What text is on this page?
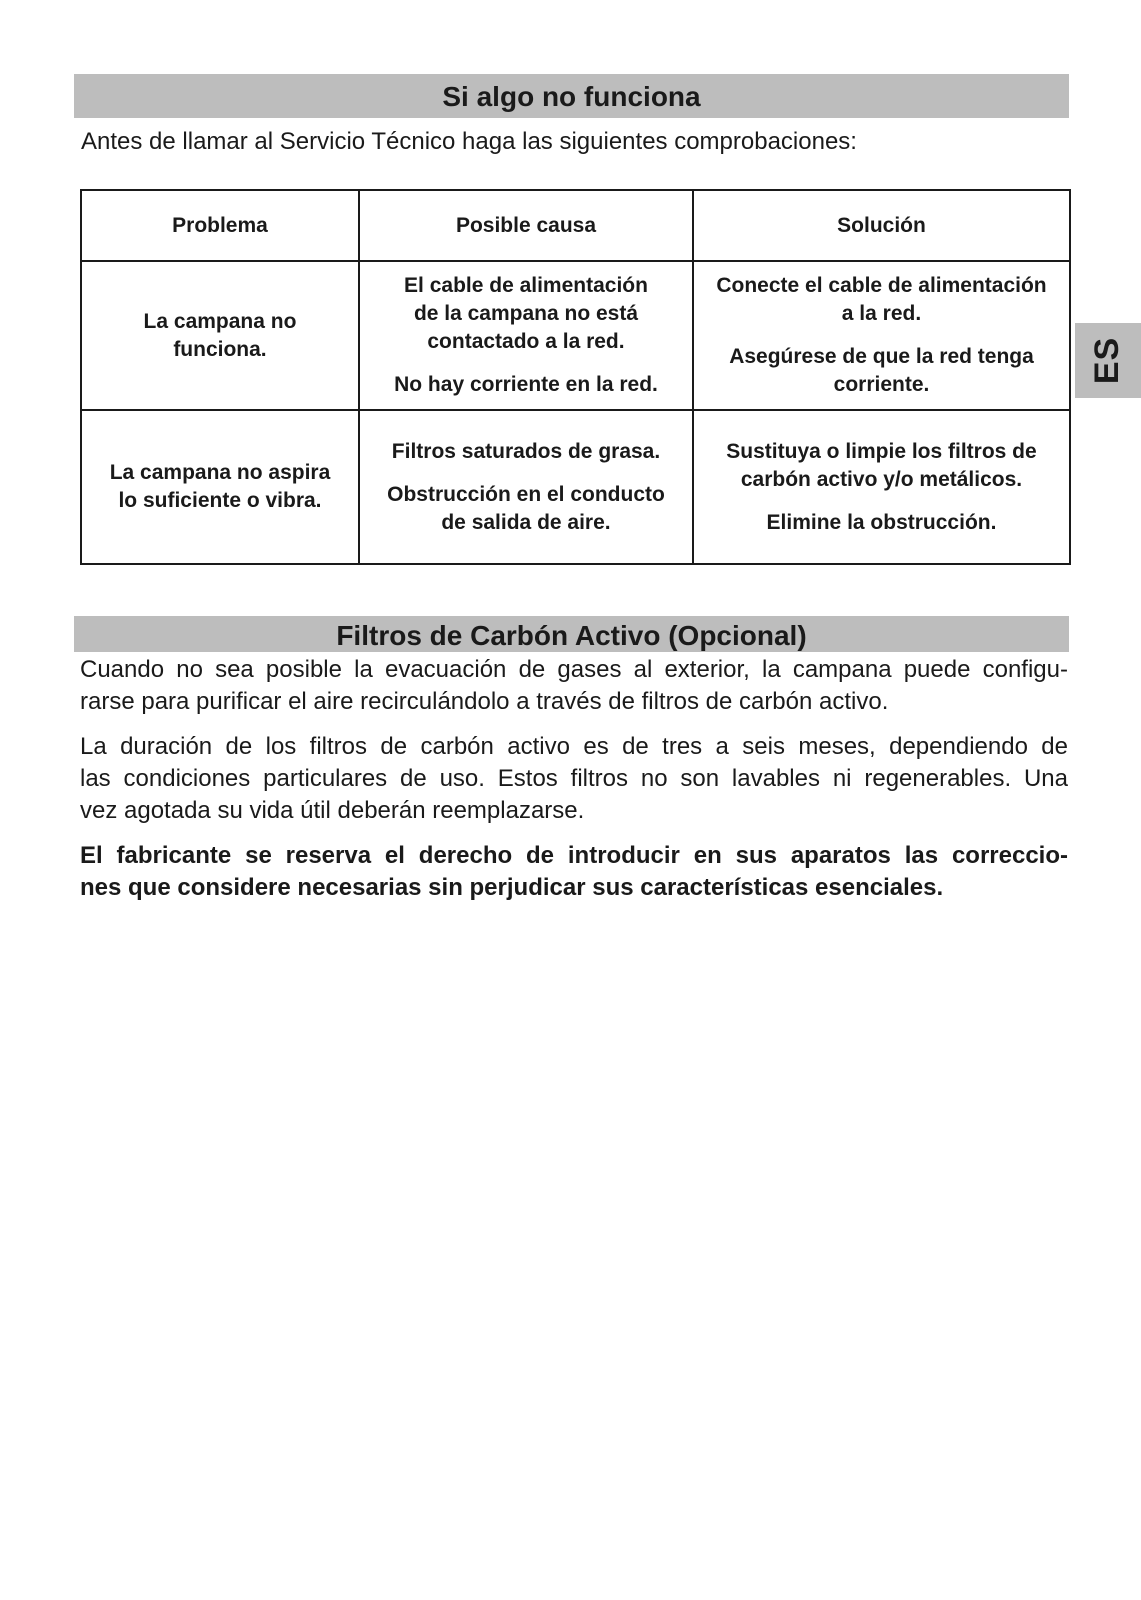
Si algo no funciona
Antes de llamar al Servicio Técnico haga las siguientes comprobaciones:
Problema	Posible causa	Solución
La campana no
funciona.
El cable de alimentación
de la campana no está
contactado a la red.
No hay corriente en la red.
Conecte el cable de alimentación
a la red.
Asegúrese de que la red tenga
corriente.
La campana no aspira
lo suficiente o vibra.
Filtros saturados de grasa.
Obstrucción en el conducto
de salida de aire.
Sustituya o limpie los filtros de
carbón activo y/o metálicos.
Elimine la obstrucción.
ES
Filtros de Carbón Activo (Opcional)
Cuando no sea posible la evacuación de gases al exterior, la campana puede configu-
rarse para purificar el aire recirculándolo a través de filtros de carbón activo.
La duración de los filtros de carbón activo es de tres a seis meses, dependiendo de
las condiciones particulares de uso. Estos filtros no son lavables ni regenerables. Una
vez agotada su vida útil deberán reemplazarse.
El fabricante se reserva el derecho de introducir en sus aparatos las correccio-
nes que considere necesarias sin perjudicar sus características esenciales.
